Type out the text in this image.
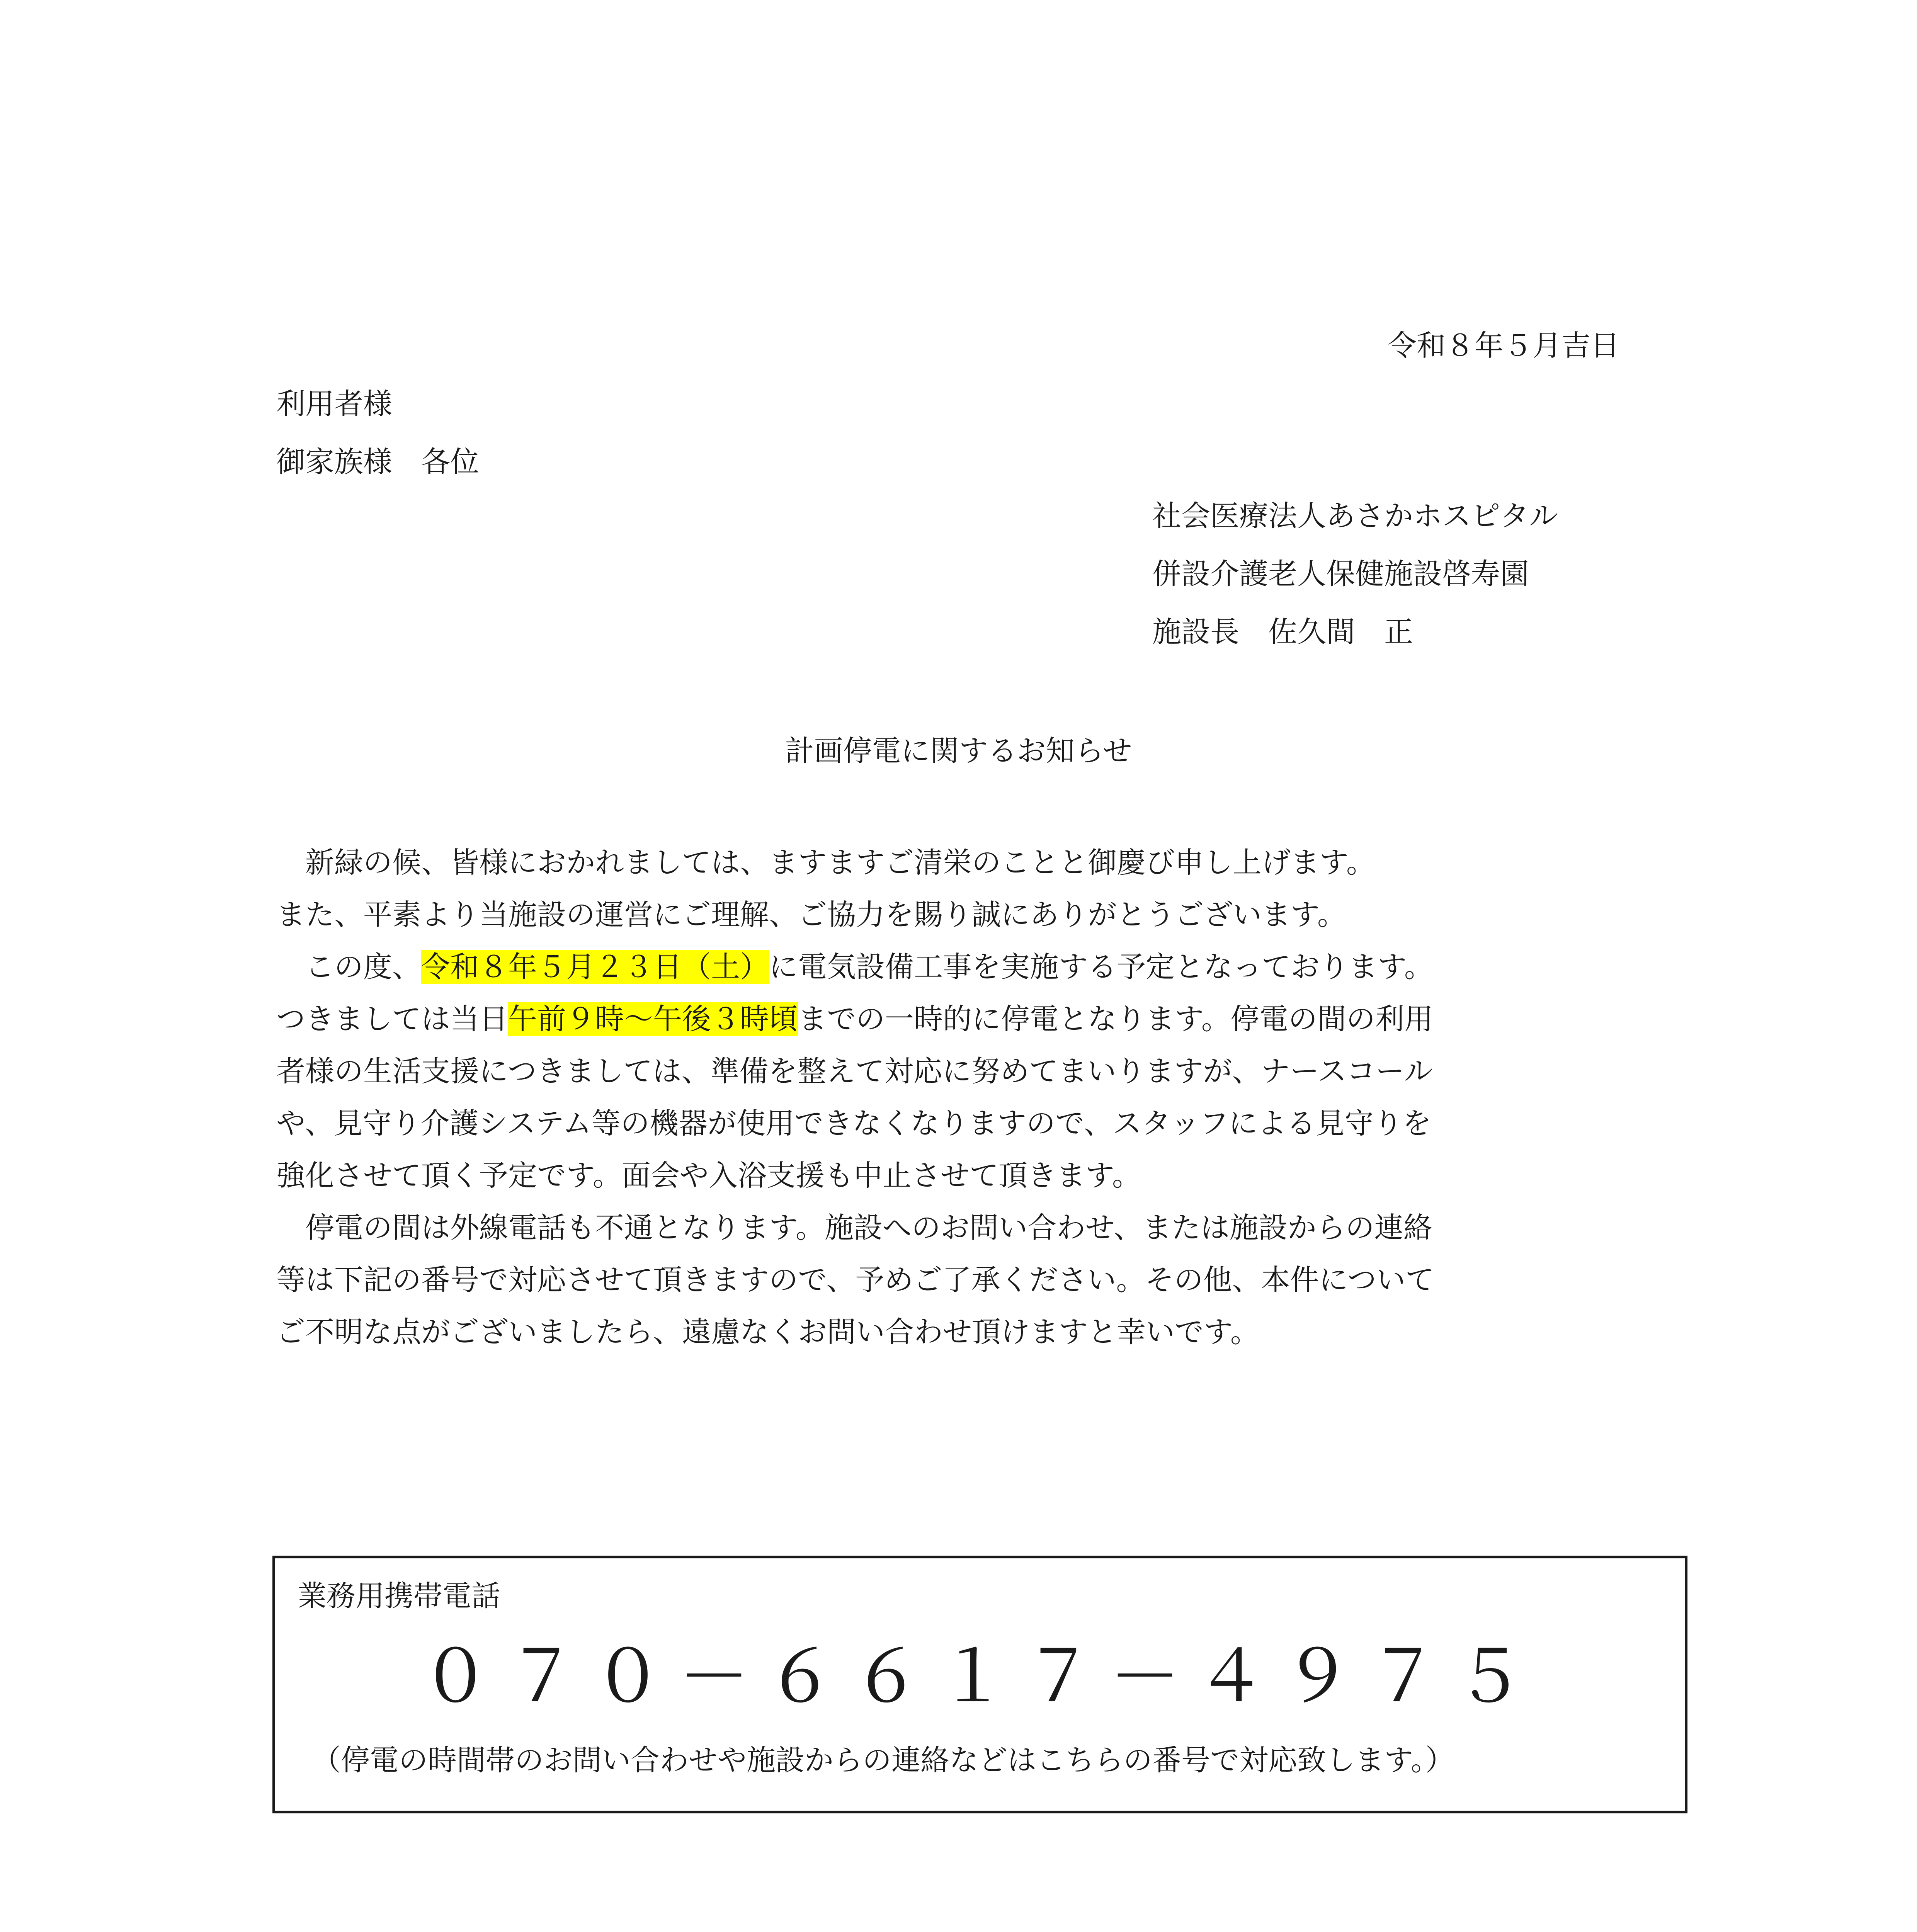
令和８年５月吉日
利用者様
御家族様　各位
社会医療法人あさかホスピタル
併設介護老人保健施設啓寿園
施設長　佐久間　正
計画停電に関するお知らせ

　新緑の候、皆様におかれましては、ますますご清栄のことと御慶び申し上げます。

また、平素より当施設の運営にご理解、ご協力を賜り誠にありがとうございます。

　この度、令和８年５月２３日（土）に電気設備工事を実施する予定となっております。

つきましては当日午前９時～午後３時頃までの一時的に停電となります。停電の間の利用

者様の生活支援につきましては、準備を整えて対応に努めてまいりますが、ナースコール

や、見守り介護システム等の機器が使用できなくなりますので、スタッフによる見守りを

強化させて頂く予定です。面会や入浴支援も中止させて頂きます。

　停電の間は外線電話も不通となります。施設へのお問い合わせ、または施設からの連絡

等は下記の番号で対応させて頂きますので、予めご了承ください。その他、本件について

ご不明な点がございましたら、遠慮なくお問い合わせ頂けますと幸いです。

業務用携帯電話
０７０－６６１７－４９７５
（停電の時間帯のお問い合わせや施設からの連絡などはこちらの番号で対応致します。）
